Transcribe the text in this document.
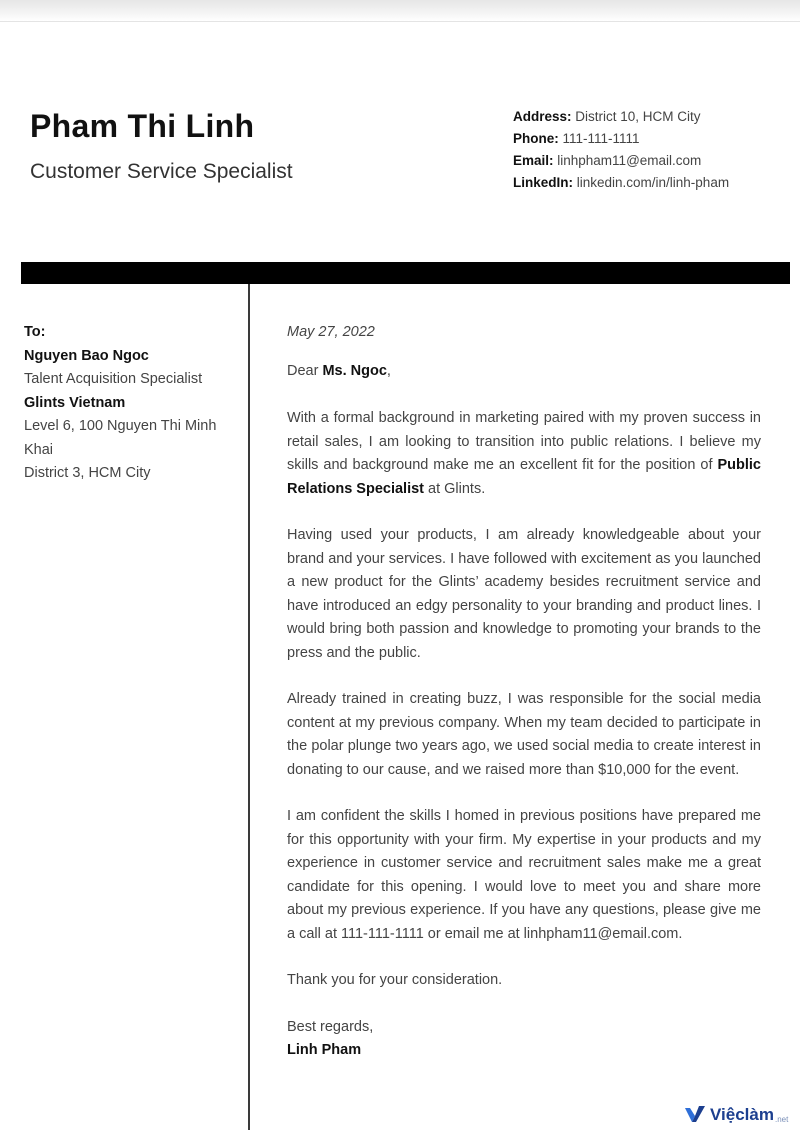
Pham Thi Linh
Customer Service Specialist
Address: District 10, HCM City
Phone: 111-111-1111
Email: linhpham11@email.com
LinkedIn: linkedin.com/in/linh-pham
To:
Nguyen Bao Ngoc
Talent Acquisition Specialist
Glints Vietnam
Level 6, 100 Nguyen Thi Minh Khai
District 3, HCM City
May 27, 2022
Dear Ms. Ngoc,
With a formal background in marketing paired with my proven success in retail sales, I am looking to transition into public relations. I believe my skills and background make me an excellent fit for the position of Public Relations Specialist at Glints.
Having used your products, I am already knowledgeable about your brand and your services. I have followed with excitement as you launched a new product for the Glints’ academy besides recruitment service and have introduced an edgy personality to your branding and product lines. I would bring both passion and knowledge to promoting your brands to the press and the public.
Already trained in creating buzz, I was responsible for the social media content at my previous company. When my team decided to participate in the polar plunge two years ago, we used social media to create interest in donating to our cause, and we raised more than $10,000 for the event.
I am confident the skills I homed in previous positions have prepared me for this opportunity with your firm. My expertise in your products and my experience in customer service and recruitment sales make me a great candidate for this opening. I would love to meet you and share more about my previous experience. If you have any questions, please give me a call at 111-111-1111 or email me at linhpham11@email.com.
Thank you for your consideration.
Best regards,
Linh Pham
Việclàm .net
